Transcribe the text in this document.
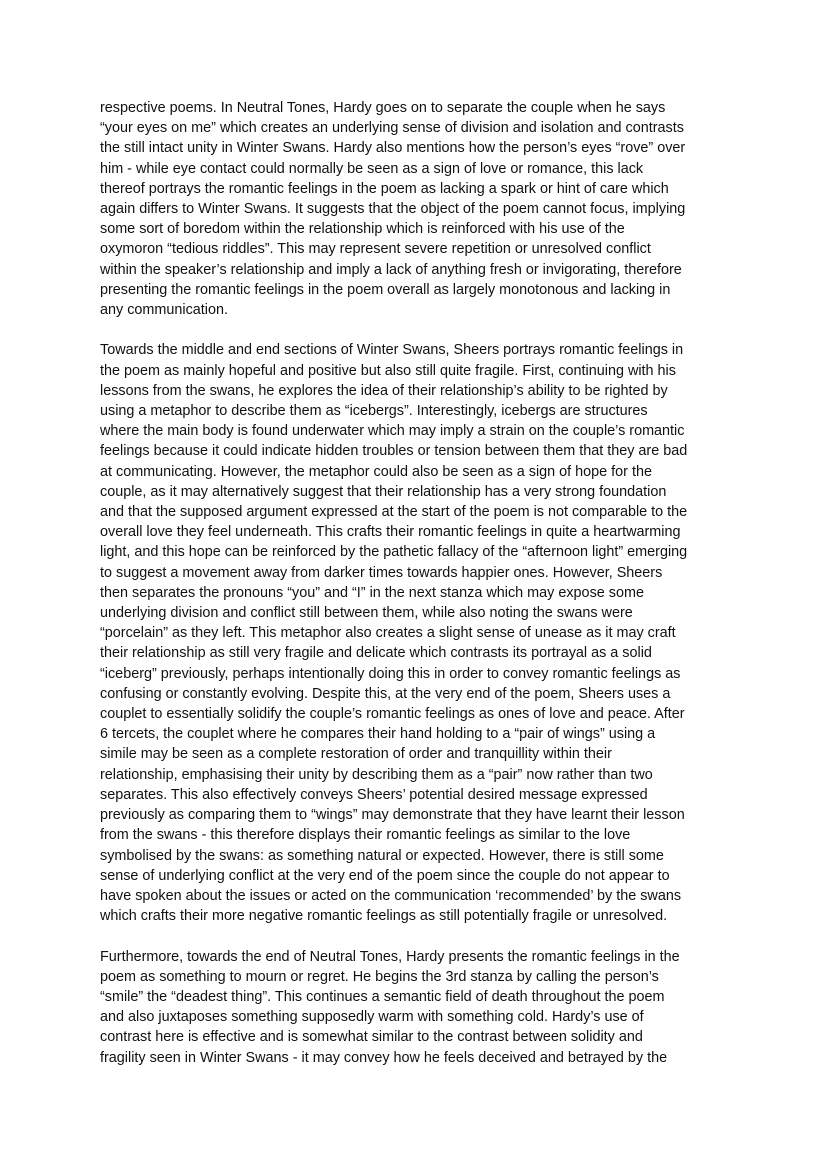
respective poems. In Neutral Tones, Hardy goes on to separate the couple when he says
“your eyes on me” which creates an underlying sense of division and isolation and contrasts
the still intact unity in Winter Swans. Hardy also mentions how the person’s eyes “rove” over
him - while eye contact could normally be seen as a sign of love or romance, this lack
thereof portrays the romantic feelings in the poem as lacking a spark or hint of care which
again differs to Winter Swans. It suggests that the object of the poem cannot focus, implying
some sort of boredom within the relationship which is reinforced with his use of the
oxymoron “tedious riddles”. This may represent severe repetition or unresolved conflict
within the speaker’s relationship and imply a lack of anything fresh or invigorating, therefore
presenting the romantic feelings in the poem overall as largely monotonous and lacking in
any communication.

Towards the middle and end sections of Winter Swans, Sheers portrays romantic feelings in
the poem as mainly hopeful and positive but also still quite fragile. First, continuing with his
lessons from the swans, he explores the idea of their relationship’s ability to be righted by
using a metaphor to describe them as “icebergs”. Interestingly, icebergs are structures
where the main body is found underwater which may imply a strain on the couple’s romantic
feelings because it could indicate hidden troubles or tension between them that they are bad
at communicating. However, the metaphor could also be seen as a sign of hope for the
couple, as it may alternatively suggest that their relationship has a very strong foundation
and that the supposed argument expressed at the start of the poem is not comparable to the
overall love they feel underneath. This crafts their romantic feelings in quite a heartwarming
light, and this hope can be reinforced by the pathetic fallacy of the “afternoon light” emerging
to suggest a movement away from darker times towards happier ones. However, Sheers
then separates the pronouns “you” and “I” in the next stanza which may expose some
underlying division and conflict still between them, while also noting the swans were
“porcelain” as they left. This metaphor also creates a slight sense of unease as it may craft
their relationship as still very fragile and delicate which contrasts its portrayal as a solid
“iceberg” previously, perhaps intentionally doing this in order to convey romantic feelings as
confusing or constantly evolving. Despite this, at the very end of the poem, Sheers uses a
couplet to essentially solidify the couple’s romantic feelings as ones of love and peace. After
6 tercets, the couplet where he compares their hand holding to a “pair of wings” using a
simile may be seen as a complete restoration of order and tranquillity within their
relationship, emphasising their unity by describing them as a “pair” now rather than two
separates. This also effectively conveys Sheers’ potential desired message expressed
previously as comparing them to “wings” may demonstrate that they have learnt their lesson
from the swans - this therefore displays their romantic feelings as similar to the love
symbolised by the swans: as something natural or expected. However, there is still some
sense of underlying conflict at the very end of the poem since the couple do not appear to
have spoken about the issues or acted on the communication ‘recommended’ by the swans
which crafts their more negative romantic feelings as still potentially fragile or unresolved.

Furthermore, towards the end of Neutral Tones, Hardy presents the romantic feelings in the
poem as something to mourn or regret. He begins the 3rd stanza by calling the person’s
“smile” the “deadest thing”. This continues a semantic field of death throughout the poem
and also juxtaposes something supposedly warm with something cold. Hardy’s use of
contrast here is effective and is somewhat similar to the contrast between solidity and
fragility seen in Winter Swans - it may convey how he feels deceived and betrayed by the
